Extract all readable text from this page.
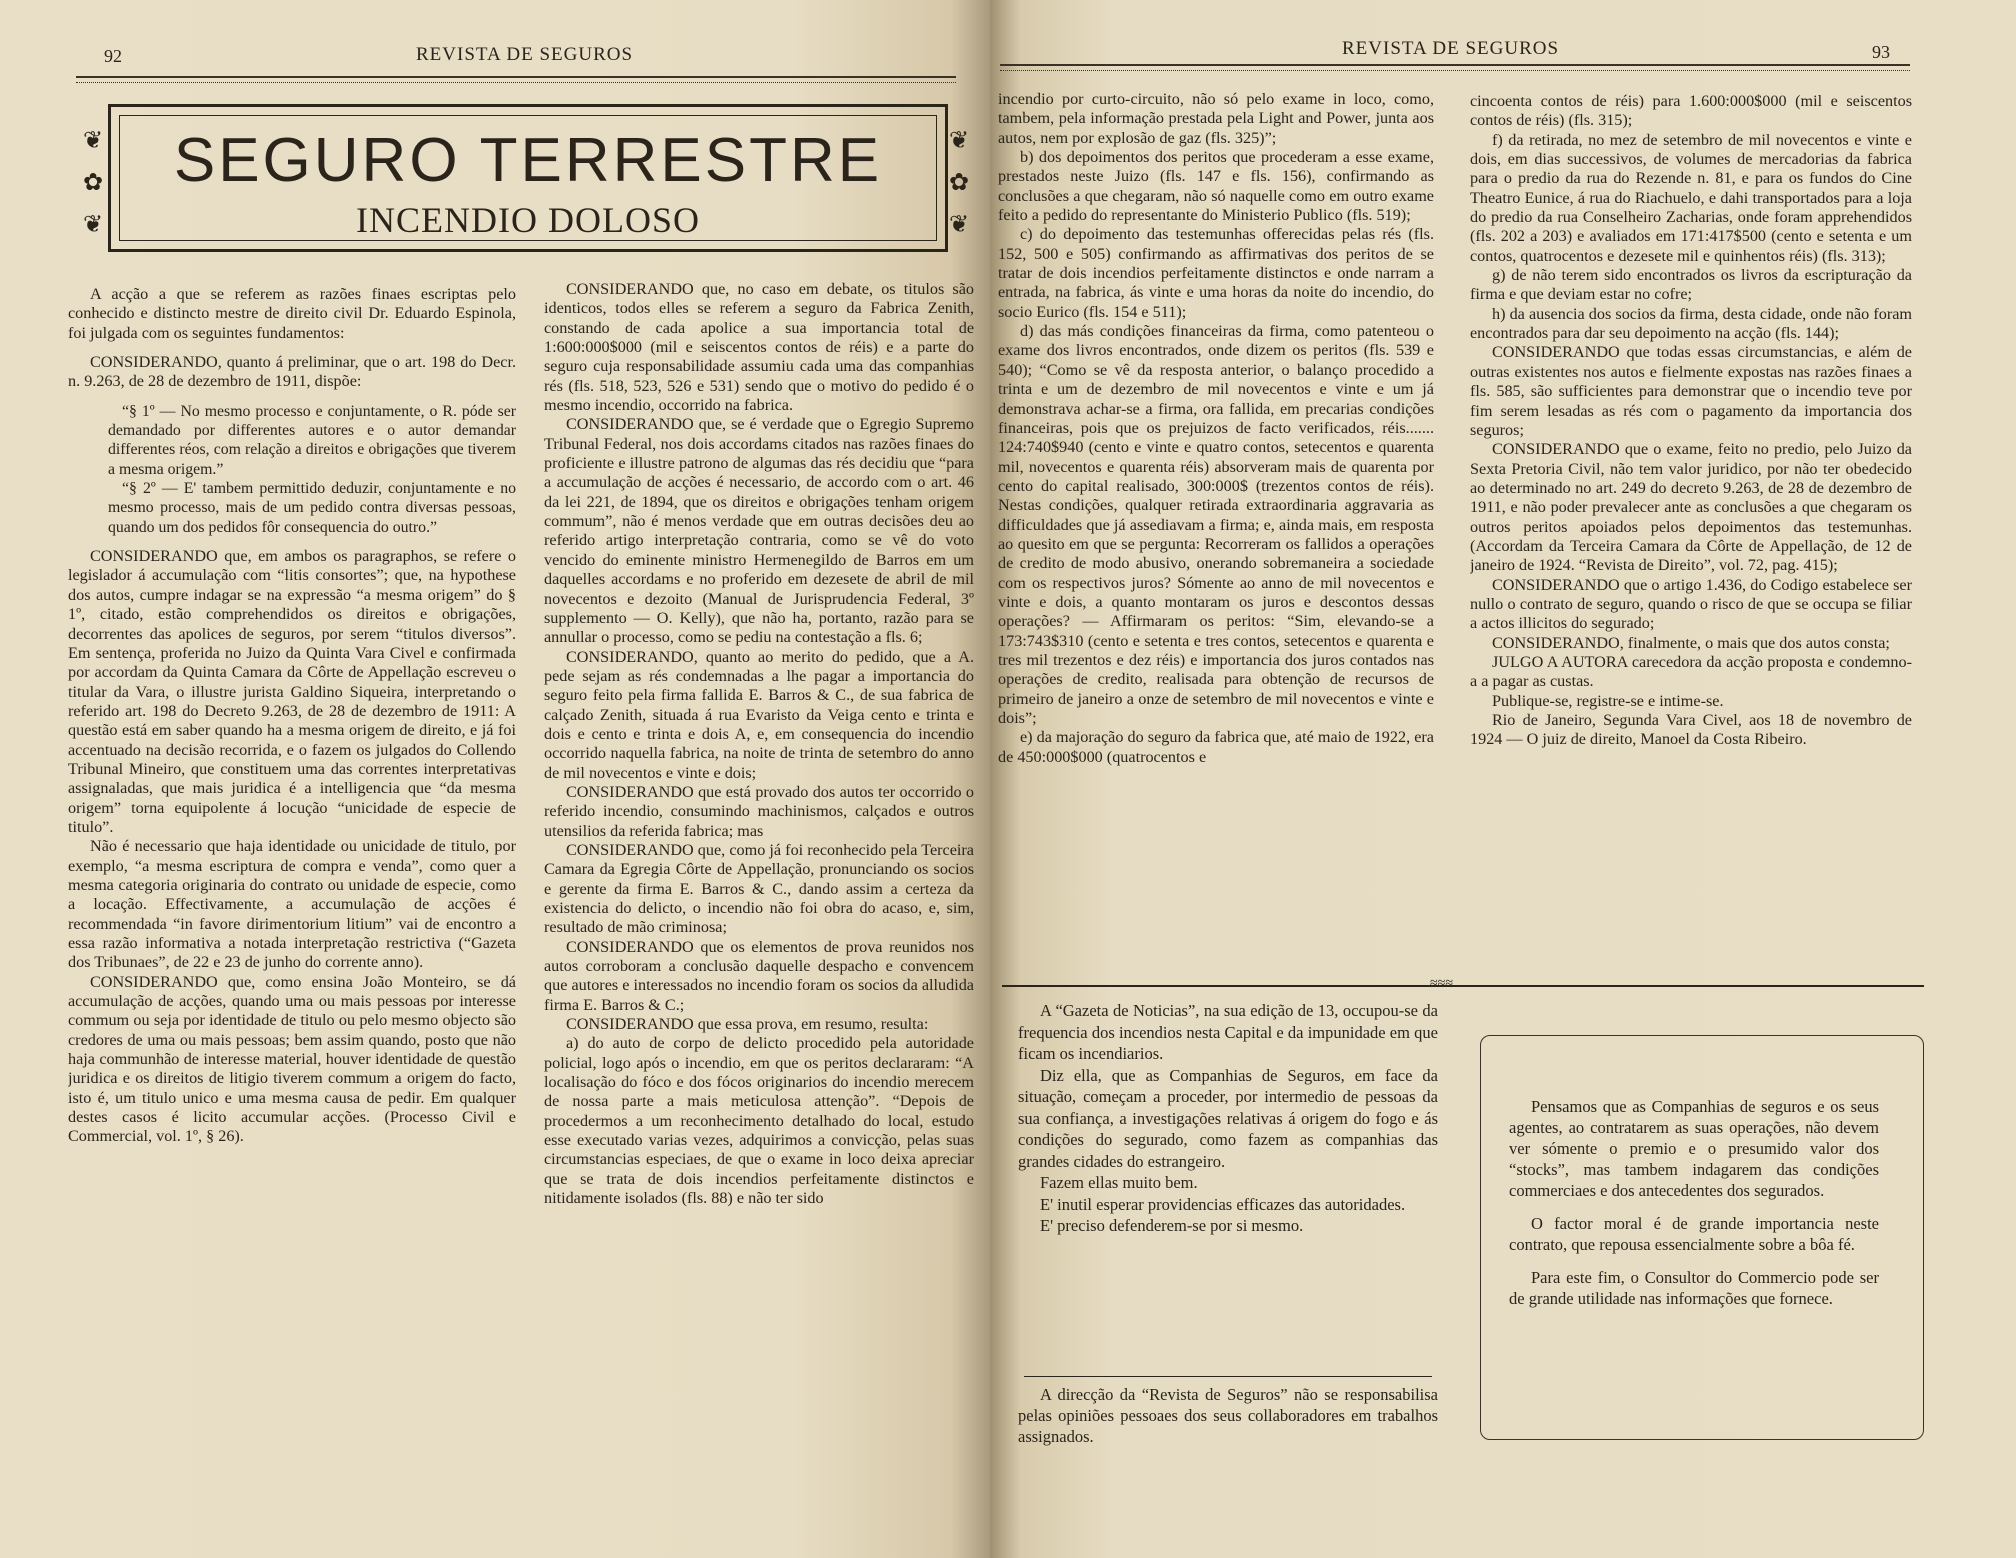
92	REVISTA DE SEGUROS
SEGURO TERRESTRE
INCENDIO DOLOSO
❦
✿
❦
❦
✿
❦

A acção a que se referem as razões finaes escriptas pelo conhecido e distincto mestre de direito civil Dr. Eduardo Espinola, foi julgada com os seguintes fundamentos:

CONSIDERANDO, quanto á preliminar, que o art. 198 do Decr. n. 9.263, de 28 de dezembro de 1911, dispõe:

“§ 1º — No mesmo processo e conjuntamente, o R. póde ser demandado por differentes autores e o autor demandar differentes réos, com relação a direitos e obrigações que tiverem a mesma origem.”

“§ 2º — E' tambem permittido deduzir, conjuntamente e no mesmo processo, mais de um pedido contra diversas pessoas, quando um dos pedidos fôr consequencia do outro.”

CONSIDERANDO que, em ambos os paragraphos, se refere o legislador á accumulação com “litis consortes”; que, na hypothese dos autos, cumpre indagar se na expressão “a mesma origem” do § 1º, citado, estão comprehendidos os direitos e obrigações, decorrentes das apolices de seguros, por serem “titulos diversos”. Em sentença, proferida no Juizo da Quinta Vara Civel e confirmada por accordam da Quinta Camara da Côrte de Appellação escreveu o titular da Vara, o illustre jurista Galdino Siqueira, interpretando o referido art. 198 do Decreto 9.263, de 28 de dezembro de 1911: A questão está em saber quando ha a mesma origem de direito, e já foi accentuado na decisão recorrida, e o fazem os julgados do Collendo Tribunal Mineiro, que constituem uma das correntes interpretativas assignaladas, que mais juridica é a intelligencia que “da mesma origem” torna equipolente á locução “unicidade de especie de titulo”.

Não é necessario que haja identidade ou unicidade de titulo, por exemplo, “a mesma escriptura de compra e venda”, como quer a mesma categoria originaria do contrato ou unidade de especie, como a locação. Effectivamente, a accumulação de acções é recommendada “in favore dirimentorium litium” vai de encontro a essa razão informativa a notada interpretação restrictiva (“Gazeta dos Tribunaes”, de 22 e 23 de junho do corrente anno).

CONSIDERANDO que, como ensina João Monteiro, se dá accumulação de acções, quando uma ou mais pessoas por interesse commum ou seja por identidade de titulo ou pelo mesmo objecto são credores de uma ou mais pessoas; bem assim quando, posto que não haja communhão de interesse material, houver identidade de questão juridica e os direitos de litigio tiverem commum a origem do facto, isto é, um titulo unico e uma mesma causa de pedir. Em qualquer destes casos é licito accumular acções. (Processo Civil e Commercial, vol. 1º, § 26).

CONSIDERANDO que, no caso em debate, os titulos são identicos, todos elles se referem a seguro da Fabrica Zenith, constando de cada apolice a sua importancia total de 1:600:000$000 (mil e seiscentos contos de réis) e a parte do seguro cuja responsabilidade assumiu cada uma das companhias rés (fls. 518, 523, 526 e 531) sendo que o motivo do pedido é o mesmo incendio, occorrido na fabrica.

CONSIDERANDO que, se é verdade que o Egregio Supremo Tribunal Federal, nos dois accordams citados nas razões finaes do proficiente e illustre patrono de algumas das rés decidiu que “para a accumulação de acções é necessario, de accordo com o art. 46 da lei 221, de 1894, que os direitos e obrigações tenham origem commum”, não é menos verdade que em outras decisões deu ao referido artigo interpretação contraria, como se vê do voto vencido do eminente ministro Hermenegildo de Barros em um daquelles accordams e no proferido em dezesete de abril de mil novecentos e dezoito (Manual de Jurisprudencia Federal, 3º supplemento — O. Kelly), que não ha, portanto, razão para se annullar o processo, como se pediu na contestação a fls. 6;

CONSIDERANDO, quanto ao merito do pedido, que a A. pede sejam as rés condemnadas a lhe pagar a importancia do seguro feito pela firma fallida E. Barros & C., de sua fabrica de calçado Zenith, situada á rua Evaristo da Veiga cento e trinta e dois e cento e trinta e dois A, e, em consequencia do incendio occorrido naquella fabrica, na noite de trinta de setembro do anno de mil novecentos e vinte e dois;

CONSIDERANDO que está provado dos autos ter occorrido o referido incendio, consumindo machinismos, calçados e outros utensilios da referida fabrica; mas

CONSIDERANDO que, como já foi reconhecido pela Terceira Camara da Egregia Côrte de Appellação, pronunciando os socios e gerente da firma E. Barros & C., dando assim a certeza da existencia do delicto, o incendio não foi obra do acaso, e, sim, resultado de mão criminosa;

CONSIDERANDO que os elementos de prova reunidos nos autos corroboram a conclusão daquelle despacho e convencem que autores e interessados no incendio foram os socios da alludida firma E. Barros & C.;

CONSIDERANDO que essa prova, em resumo, resulta:

a) do auto de corpo de delicto procedido pela autoridade policial, logo após o incendio, em que os peritos declararam: “A localisação do fóco e dos fócos originarios do incendio merecem de nossa parte a mais meticulosa attenção”. “Depois de procedermos a um reconhecimento detalhado do local, estudo esse executado varias vezes, adquirimos a convicção, pelas suas circumstancias especiaes, de que o exame in loco deixa apreciar que se trata de dois incendios perfeitamente distinctos e nitidamente isolados (fls. 88) e não ter sido

REVISTA DE SEGUROS	93

incendio por curto-circuito, não só pelo exame in loco, como, tambem, pela informação prestada pela Light and Power, junta aos autos, nem por explosão de gaz (fls. 325)”;

b) dos depoimentos dos peritos que procederam a esse exame, prestados neste Juizo (fls. 147 e fls. 156), confirmando as conclusões a que chegaram, não só naquelle como em outro exame feito a pedido do representante do Ministerio Publico (fls. 519);

c) do depoimento das testemunhas offerecidas pelas rés (fls. 152, 500 e 505) confirmando as affirmativas dos peritos de se tratar de dois incendios perfeitamente distinctos e onde narram a entrada, na fabrica, ás vinte e uma horas da noite do incendio, do socio Eurico (fls. 154 e 511);

d) das más condições financeiras da firma, como patenteou o exame dos livros encontrados, onde dizem os peritos (fls. 539 e 540); “Como se vê da resposta anterior, o balanço procedido a trinta e um de dezembro de mil novecentos e vinte e um já demonstrava achar-se a firma, ora fallida, em precarias condições financeiras, pois que os prejuizos de facto verificados, réis....... 124:740$940 (cento e vinte e quatro contos, setecentos e quarenta mil, novecentos e quarenta réis) absorveram mais de quarenta por cento do capital realisado, 300:000$ (trezentos contos de réis). Nestas condições, qualquer retirada extraordinaria aggravaria as difficuldades que já assediavam a firma; e, ainda mais, em resposta ao quesito em que se pergunta: Recorreram os fallidos a operações de credito de modo abusivo, onerando sobremaneira a sociedade com os respectivos juros? Sómente ao anno de mil novecentos e vinte e dois, a quanto montaram os juros e descontos dessas operações? — Affirmaram os peritos: “Sim, elevando-se a 173:743$310 (cento e setenta e tres contos, setecentos e quarenta e tres mil trezentos e dez réis) e importancia dos juros contados nas operações de credito, realisada para obtenção de recursos de primeiro de janeiro a onze de setembro de mil novecentos e vinte e dois”;

e) da majoração do seguro da fabrica que, até maio de 1922, era de 450:000$000 (quatrocentos e

cincoenta contos de réis) para 1.600:000$000 (mil e seiscentos contos de réis) (fls. 315);

f) da retirada, no mez de setembro de mil novecentos e vinte e dois, em dias successivos, de volumes de mercadorias da fabrica para o predio da rua do Rezende n. 81, e para os fundos do Cine Theatro Eunice, á rua do Riachuelo, e dahi transportados para a loja do predio da rua Conselheiro Zacharias, onde foram apprehendidos (fls. 202 a 203) e avaliados em 171:417$500 (cento e setenta e um contos, quatrocentos e dezesete mil e quinhentos réis) (fls. 313);

g) de não terem sido encontrados os livros da escripturação da firma e que deviam estar no cofre;

h) da ausencia dos socios da firma, desta cidade, onde não foram encontrados para dar seu depoimento na acção (fls. 144);

CONSIDERANDO que todas essas circumstancias, e além de outras existentes nos autos e fielmente expostas nas razões finaes a fls. 585, são sufficientes para demonstrar que o incendio teve por fim serem lesadas as rés com o pagamento da importancia dos seguros;

CONSIDERANDO que o exame, feito no predio, pelo Juizo da Sexta Pretoria Civil, não tem valor juridico, por não ter obedecido ao determinado no art. 249 do decreto 9.263, de 28 de dezembro de 1911, e não poder prevalecer ante as conclusões a que chegaram os outros peritos apoiados pelos depoimentos das testemunhas. (Accordam da Terceira Camara da Côrte de Appellação, de 12 de janeiro de 1924. “Revista de Direito”, vol. 72, pag. 415);

CONSIDERANDO que o artigo 1.436, do Codigo estabelece ser nullo o contrato de seguro, quando o risco de que se occupa se filiar a actos illicitos do segurado;

CONSIDERANDO, finalmente, o mais que dos autos consta;

JULGO A AUTORA carecedora da acção proposta e condemno-a a pagar as custas.

Publique-se, registre-se e intime-se.

Rio de Janeiro, Segunda Vara Civel, aos 18 de novembro de 1924 — O juiz de direito, Manoel da Costa Ribeiro.

≈≈≈

A “Gazeta de Noticias”, na sua edição de 13, occupou-se da frequencia dos incendios nesta Capital e da impunidade em que ficam os incendiarios.

Diz ella, que as Companhias de Seguros, em face da situação, começam a proceder, por intermedio de pessoas da sua confiança, a investigações relativas á origem do fogo e ás condições do segurado, como fazem as companhias das grandes cidades do estrangeiro.

Fazem ellas muito bem.

E' inutil esperar providencias efficazes das autoridades.

E' preciso defenderem-se por si mesmo.

A direcção da “Revista de Seguros” não se responsabilisa pelas opiniões pessoaes dos seus collaboradores em trabalhos assignados.

Pensamos que as Companhias de seguros e os seus agentes, ao contratarem as suas operações, não devem ver sómente o premio e o presumido valor dos “stocks”, mas tambem indagarem das condições commerciaes e dos antecedentes dos segurados.

O factor moral é de grande importancia neste contrato, que repousa essencialmente sobre a bôa fé.

Para este fim, o Consultor do Commercio pode ser de grande utilidade nas informações que fornece.
